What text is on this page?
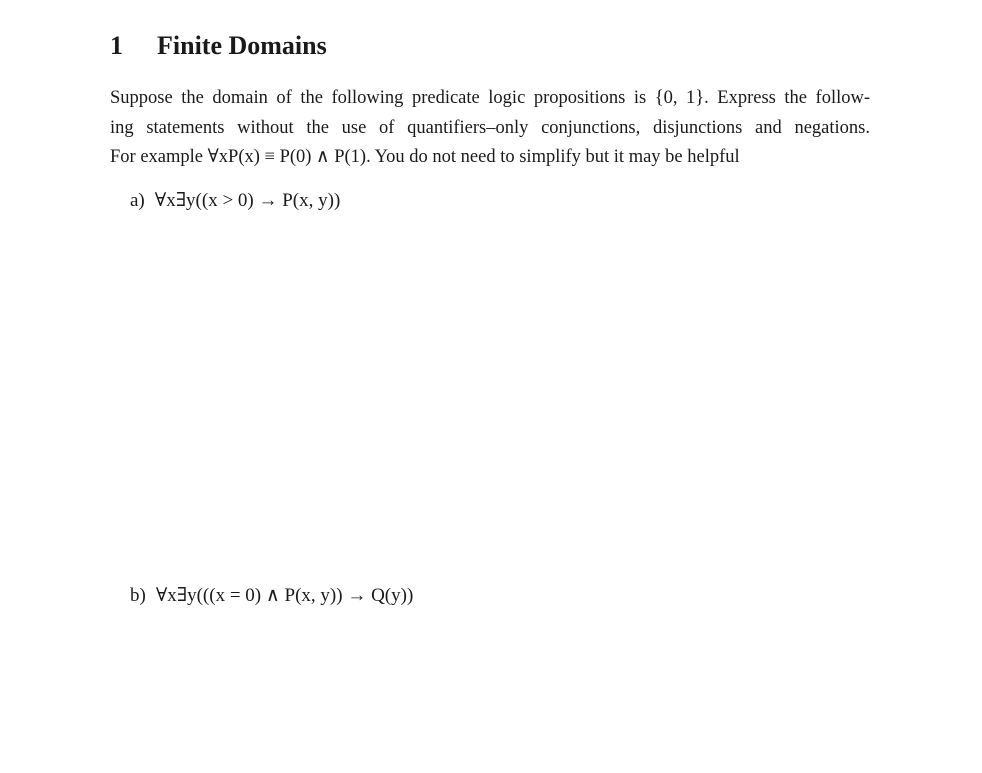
1 Finite Domains
Suppose the domain of the following predicate logic propositions is {0, 1}. Express the follow-
ing statements without the use of quantifiers–only conjunctions, disjunctions and negations.
For example ∀xP(x) ≡ P(0) ∧ P(1). You do not need to simplify but it may be helpful
a) ∀x∃y((x > 0) → P(x, y))
b) ∀x∃y(((x = 0) ∧ P(x, y)) → Q(y))
